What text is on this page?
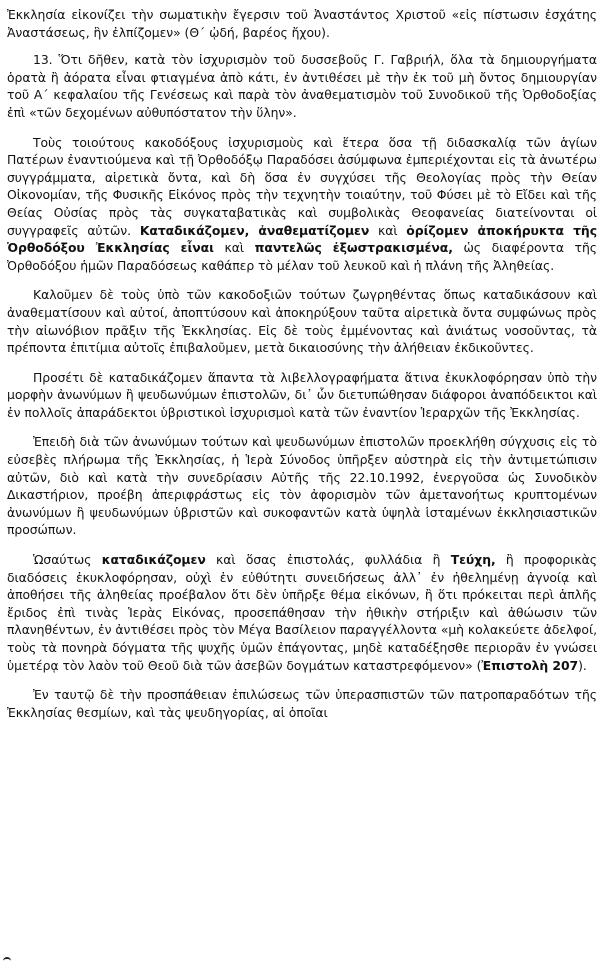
Ἐκκλησία εἰκονίζει τὴν σωματικὴν ἔγερσιν τοῦ Ἀναστάντος Χριστοῦ «εἰς πίστωσιν ἐσχάτης Ἀναστάσεως, ἣν ἐλπίζομεν» (Θ΄ ᾠδή, βαρέος ἤχου).

13. Ὅτι δῆθεν, κατὰ τὸν ἰσχυρισμὸν τοῦ δυσσεβοῦς Γ. Γαβριήλ, ὅλα τὰ δημιουργήματα ὁρατὰ ἢ ἀόρατα εἶναι φτιαγμένα ἀπὸ κάτι, ἐν ἀντιθέσει μὲ τὴν ἐκ τοῦ μὴ ὄντος δημιουργίαν τοῦ Α΄ κεφαλαίου τῆς Γενέσεως καὶ παρὰ τὸν ἀναθεματισμὸν τοῦ Συνοδικοῦ τῆς Ὀρθοδοξίας ἐπὶ «τῶν δεχομένων αὐθυπόστατον τὴν ὕλην».

Τοὺς τοιούτους κακοδόξους ἰσχυρισμοὺς καὶ ἕτερα ὅσα τῇ διδασκαλίᾳ τῶν ἁγίων Πατέρων ἐναντιούμενα καὶ τῇ Ὀρθοδόξῳ Παραδόσει ἀσύμφωνα ἐμπεριέχονται εἰς τὰ ἀνωτέρω συγγράμματα, αἱρετικὰ ὄντα, καὶ δὴ ὅσα ἐν συγχύσει τῆς Θεολογίας πρὸς τὴν Θείαν Οἰκονομίαν, τῆς Φυσικῆς Εἰκόνος πρὸς τὴν τεχνητὴν τοιαύτην, τοῦ Φύσει μὲ τὸ Εἴδει καὶ τῆς Θείας Οὐσίας πρὸς τὰς συγκαταβατικὰς καὶ συμβολικὰς Θεοφανείας διατείνονται οἱ συγγραφεῖς αὐτῶν. Καταδικάζομεν, ἀναθεματίζομεν καὶ ὁρίζομεν ἀποκήρυκτα τῆς Ὀρθοδόξου Ἐκκλησίας εἶναι καὶ παντελῶς ἐξωστρακισμένα, ὡς διαφέροντα τῆς Ὀρθοδόξου ἡμῶν Παραδόσεως καθάπερ τὸ μέλαν τοῦ λευκοῦ καὶ ἡ πλάνη τῆς Ἀληθείας.

Καλοῦμεν δὲ τοὺς ὑπὸ τῶν κακοδοξιῶν τούτων ζωγρηθέντας ὅπως καταδικάσουν καὶ ἀναθεματίσουν καὶ αὐτοί, ἀποπτύσουν καὶ ἀποκηρύξουν ταῦτα αἱρετικὰ ὄντα συμφώνως πρὸς τὴν αἰωνόβιον πρᾶξιν τῆς Ἐκκλησίας. Εἰς δὲ τοὺς ἐμμένοντας καὶ ἀνιάτως νοσοῦντας, τὰ πρέποντα ἐπιτίμια αὐτοῖς ἐπιβαλοῦμεν, μετὰ δικαιοσύνης τὴν ἀλήθειαν ἐκδικοῦντες.

Προσέτι δὲ καταδικάζομεν ἅπαντα τὰ λιβελλογραφήματα ἅτινα ἐκυκλοφόρησαν ὑπὸ τὴν μορφὴν ἀνωνύμων ἢ ψευδωνύμων ἐπιστολῶν, δι᾽ ὧν διετυπώθησαν διάφοροι ἀναπόδεικτοι καὶ ἐν πολλοῖς ἀπαράδεκτοι ὑβριστικοὶ ἰσχυρισμοὶ κατὰ τῶν ἐναντίον Ἱεραρχῶν τῆς Ἐκκλησίας.

Ἐπειδὴ διὰ τῶν ἀνωνύμων τούτων καὶ ψευδωνύμων ἐπιστολῶν προεκλήθη σύγχυσις εἰς τὸ εὐσεβὲς πλήρωμα τῆς Ἐκκλησίας, ἡ Ἱερὰ Σύνοδος ὑπῆρξεν αὐστηρὰ εἰς τὴν ἀντιμετώπισιν αὐτῶν, διὸ καὶ κατὰ τὴν συνεδρίασιν Αὐτῆς τῆς 22.10.1992, ἐνεργοῦσα ὡς Συνοδικὸν Δικαστήριον, προέβη ἀπεριφράστως εἰς τὸν ἀφορισμὸν τῶν ἀμετανοήτως κρυπτομένων ἀνωνύμων ἢ ψευδωνύμων ὑβριστῶν καὶ συκοφαντῶν κατὰ ὑψηλὰ ἱσταμένων ἐκκλησιαστικῶν προσώπων.

Ὡσαύτως καταδικάζομεν καὶ ὅσας ἐπιστολάς, φυλλάδια ἢ Τεύχη, ἢ προφορικὰς διαδόσεις ἐκυκλοφόρησαν, οὐχὶ ἐν εὐθύτητι συνειδήσεως ἀλλ᾽ ἐν ἠθελημένῃ ἀγνοίᾳ καὶ ἀποθήσει τῆς ἀληθείας προέβαλον ὅτι δὲν ὑπῆρξε θέμα εἰκόνων, ἢ ὅτι πρόκειται περὶ ἁπλῆς ἔριδος ἐπὶ τινὰς Ἱερὰς Εἰκόνας, προσεπάθησαν τὴν ἠθικὴν στήριξιν καὶ ἀθώωσιν τῶν πλανηθέντων, ἐν ἀντιθέσει πρὸς τὸν Μέγα Βασίλειον παραγγέλλοντα «μὴ κολακεύετε ἀδελφοί, τοὺς τὰ πονηρὰ δόγματα τῆς ψυχῆς ὑμῶν ἐπάγοντας, μηδὲ καταδέξησθε περιορᾶν ἐν γνώσει ὑμετέρᾳ τὸν λαὸν τοῦ Θεοῦ διὰ τῶν ἀσεβῶν δογμάτων καταστρεφόμενον» (Ἐπιστολὴ 207).

Ἐν ταυτῷ δὲ τὴν προσπάθειαν ἐπιλώσεως τῶν ὑπερασπιστῶν τῶν πατροπαραδότων τῆς Ἐκκλησίας θεσμίων, καὶ τὰς ψευδηγορίας, αἱ ὁποῖαι
